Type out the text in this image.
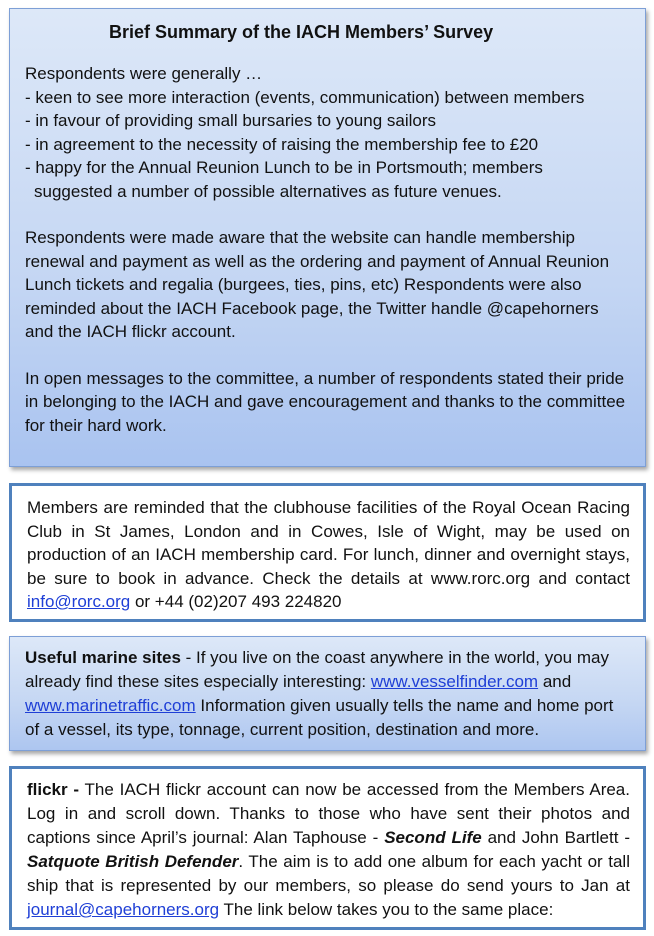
Brief Summary of the IACH Members’ Survey

Respondents were generally …

- keen to see more interaction (events, communication) between members
- in favour of providing small bursaries to young sailors
- in agreement to the necessity of raising the membership fee to £20
- happy for the Annual Reunion Lunch to be in Portsmouth; members
suggested a number of possible alternatives as future venues.

Respondents were made aware that the website can handle membership renewal and payment as well as the ordering and payment of Annual Reunion Lunch tickets and regalia (burgees, ties, pins, etc) Respondents were also reminded about the IACH Facebook page, the Twitter handle @capehorners and the IACH flickr account.

In open messages to the committee, a number of respondents stated their pride in belonging to the IACH and gave encouragement and thanks to the committee for their hard work.

Members are reminded that the clubhouse facilities of the Royal Ocean Racing Club in St James, London and in Cowes, Isle of Wight, may be used on production of an IACH membership card. For lunch, dinner and overnight stays, be sure to book in advance. Check the details at www.rorc.org and contact info@rorc.org or +44 (02)207 493 224820
Useful marine sites - If you live on the coast anywhere in the world, you may already find these sites especially interesting: www.vesselfinder.com and www.marinetraffic.com Information given usually tells the name and home port of a vessel, its type, tonnage, current position, destination and more.
flickr - The IACH flickr account can now be accessed from the Members Area. Log in and scroll down. Thanks to those who have sent their photos and captions since April’s journal: Alan Taphouse - Second Life and John Bartlett - Satquote British Defender. The aim is to add one album for each yacht or tall ship that is represented by our members, so please do send yours to Jan at journal@capehorners.org The link below takes you to the same place:
